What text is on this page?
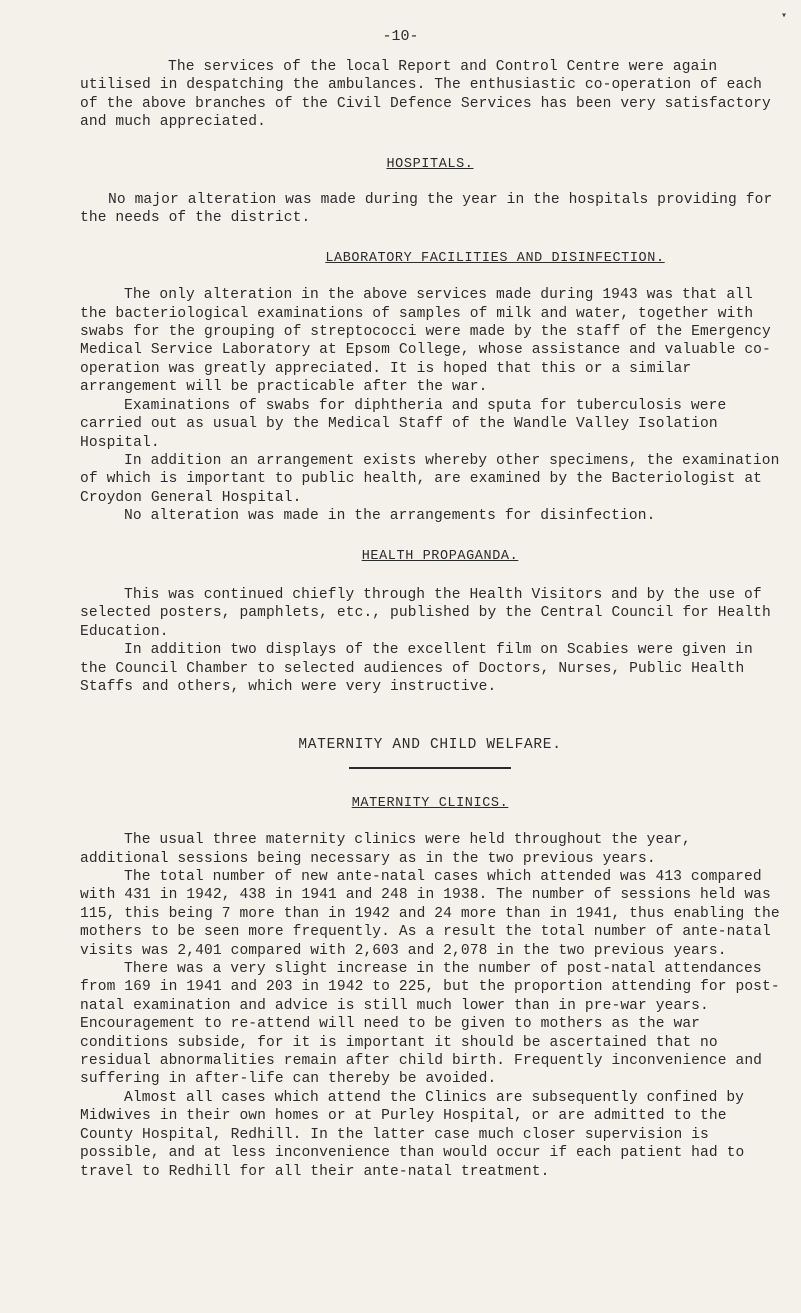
▾
-10-

The services of the local Report and Control Centre were again utilised in despatching the ambulances. The enthusiastic co-operation of each of the above branches of the Civil Defence Services has been very satisfactory and much appreciated.

HOSPITALS.

No major alteration was made during the year in the hospitals providing for the needs of the district.

LABORATORY FACILITIES AND DISINFECTION.

The only alteration in the above services made during 1943 was that all the bacteriological examinations of samples of milk and water, together with swabs for the grouping of streptococci were made by the staff of the Emergency Medical Service Laboratory at Epsom College, whose assistance and valuable co-operation was greatly appreciated. It is hoped that this or a similar arrangement will be practicable after the war.

Examinations of swabs for diphtheria and sputa for tuberculosis were carried out as usual by the Medical Staff of the Wandle Valley Isolation Hospital.

In addition an arrangement exists whereby other specimens, the examination of which is important to public health, are examined by the Bacteriologist at Croydon General Hospital.

No alteration was made in the arrangements for disinfection.

HEALTH PROPAGANDA.

This was continued chiefly through the Health Visitors and by the use of selected posters, pamphlets, etc., published by the Central Council for Health Education.

In addition two displays of the excellent film on Scabies were given in the Council Chamber to selected audiences of Doctors, Nurses, Public Health Staffs and others, which were very instructive.

MATERNITY AND CHILD WELFARE.

MATERNITY CLINICS.

The usual three maternity clinics were held throughout the year, additional sessions being necessary as in the two previous years.

The total number of new ante-natal cases which attended was 413 compared with 431 in 1942, 438 in 1941 and 248 in 1938. The number of sessions held was 115, this being 7 more than in 1942 and 24 more than in 1941, thus enabling the mothers to be seen more frequently. As a result the total number of ante-natal visits was 2,401 compared with 2,603 and 2,078 in the two previous years.

There was a very slight increase in the number of post-natal attendances from 169 in 1941 and 203 in 1942 to 225, but the proportion attending for post-natal examination and advice is still much lower than in pre-war years. Encouragement to re-attend will need to be given to mothers as the war conditions subside, for it is important it should be ascertained that no residual abnormalities remain after child birth. Frequently inconvenience and suffering in after-life can thereby be avoided.

Almost all cases which attend the Clinics are subsequently confined by Midwives in their own homes or at Purley Hospital, or are admitted to the County Hospital, Redhill. In the latter case much closer supervision is possible, and at less inconvenience than would occur if each patient had to travel to Redhill for all their ante-natal treatment.
